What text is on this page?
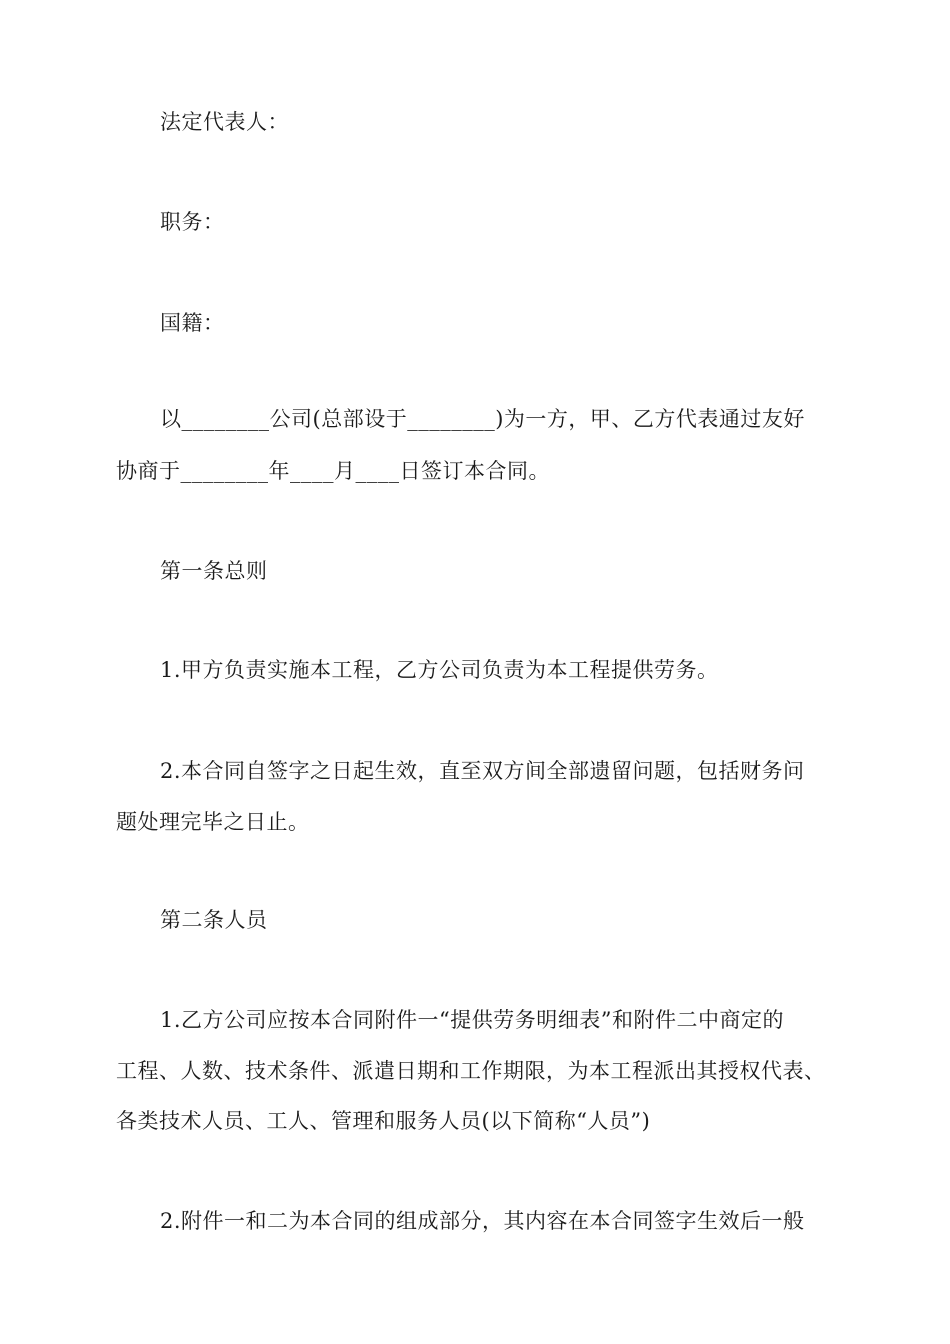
法定代表人：
职务：
国籍：
以________公司(总部设于________)为一方，甲、乙方代表通过友好
协商于________年____月____日签订本合同。
第一条总则
1.甲方负责实施本工程，乙方公司负责为本工程提供劳务。
2.本合同自签字之日起生效，直至双方间全部遗留问题，包括财务问
题处理完毕之日止。
第二条人员
1.乙方公司应按本合同附件一“提供劳务明细表”和附件二中商定的
工程、人数、技术条件、派遣日期和工作期限，为本工程派出其授权代表、
各类技术人员、工人、管理和服务人员(以下简称“人员”)
2.附件一和二为本合同的组成部分，其内容在本合同签字生效后一般
